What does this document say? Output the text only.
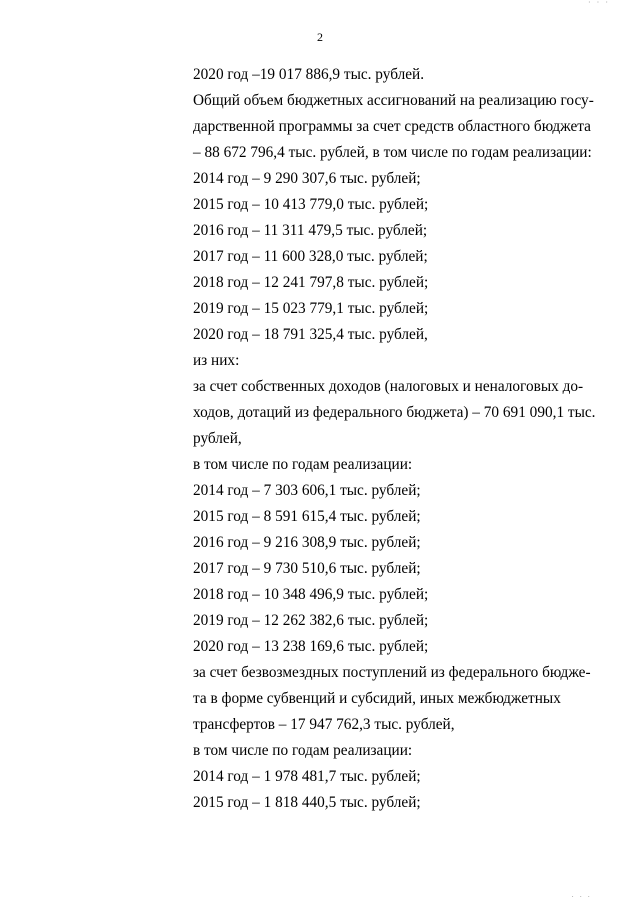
· · ·
2
2020 год –19 017 886,9 тыс. рублей.
Общий объем бюджетных ассигнований на реализацию госу-
дарственной программы за счет средств областного бюджета
– 88 672 796,4 тыс. рублей, в том числе по годам реализации:
2014 год – 9 290 307,6 тыс. рублей;
2015 год – 10 413 779,0 тыс. рублей;
2016 год – 11 311 479,5 тыс. рублей;
2017 год – 11 600 328,0 тыс. рублей;
2018 год – 12 241 797,8 тыс. рублей;
2019 год – 15 023 779,1 тыс. рублей;
2020 год – 18 791 325,4 тыс. рублей,
из них:
за счет собственных доходов (налоговых и неналоговых до-
ходов, дотаций из федерального бюджета) – 70 691 090,1 тыс.
рублей,
в том числе по годам реализации:
2014 год – 7 303 606,1 тыс. рублей;
2015 год – 8 591 615,4 тыс. рублей;
2016 год – 9 216 308,9 тыс. рублей;
2017 год – 9 730 510,6 тыс. рублей;
2018 год – 10 348 496,9 тыс. рублей;
2019 год – 12 262 382,6 тыс. рублей;
2020 год – 13 238 169,6 тыс. рублей;
за счет безвозмездных поступлений из федерального бюдже-
та в форме субвенций и субсидий, иных межбюджетных
трансфертов – 17 947 762,3 тыс. рублей,
в том числе по годам реализации:
2014 год – 1 978 481,7 тыс. рублей;
2015 год – 1 818 440,5 тыс. рублей;
· · ·
